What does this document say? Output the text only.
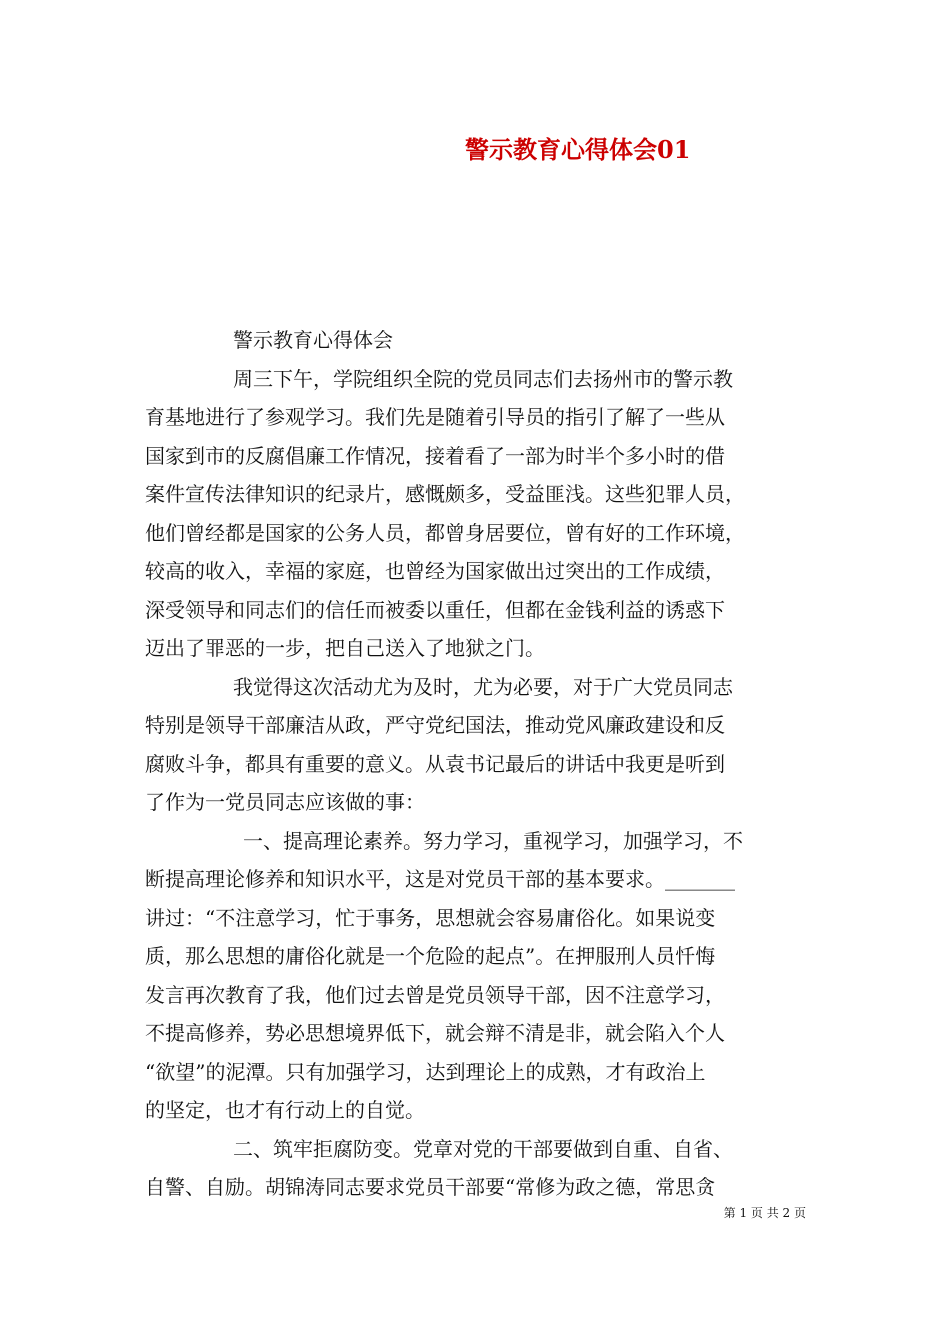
警示教育心得体会01

警示教育心得体会

周三下午，学院组织全院的党员同志们去扬州市的警示教
育基地进行了参观学习。我们先是随着引导员的指引了解了一些从
国家到市的反腐倡廉工作情况，接着看了一部为时半个多小时的借
案件宣传法律知识的纪录片，感慨颇多，受益匪浅。这些犯罪人员，
他们曾经都是国家的公务人员，都曾身居要位，曾有好的工作环境，
较高的收入，幸福的家庭，也曾经为国家做出过突出的工作成绩，
深受领导和同志们的信任而被委以重任，但都在金钱利益的诱惑下
迈出了罪恶的一步，把自己送入了地狱之门。

我觉得这次活动尤为及时，尤为必要，对于广大党员同志
特别是领导干部廉洁从政，严守党纪国法，推动党风廉政建设和反
腐败斗争，都具有重要的意义。从袁书记最后的讲话中我更是听到
了作为一党员同志应该做的事：

一、提高理论素养。努力学习，重视学习，加强学习，不
断提高理论修养和知识水平，这是对党员干部的基本要求。_______
讲过：“不注意学习，忙于事务，思想就会容易庸俗化。如果说变
质，那么思想的庸俗化就是一个危险的起点”。在押服刑人员忏悔
发言再次教育了我，他们过去曾是党员领导干部，因不注意学习，
不提高修养，势必思想境界低下，就会辩不清是非，就会陷入个人
“欲望”的泥潭。只有加强学习，达到理论上的成熟，才有政治上
的坚定，也才有行动上的自觉。

二、筑牢拒腐防变。党章对党的干部要做到自重、自省、
自警、自励。胡锦涛同志要求党员干部要“常修为政之德，常思贪

第 1 页 共 2 页
